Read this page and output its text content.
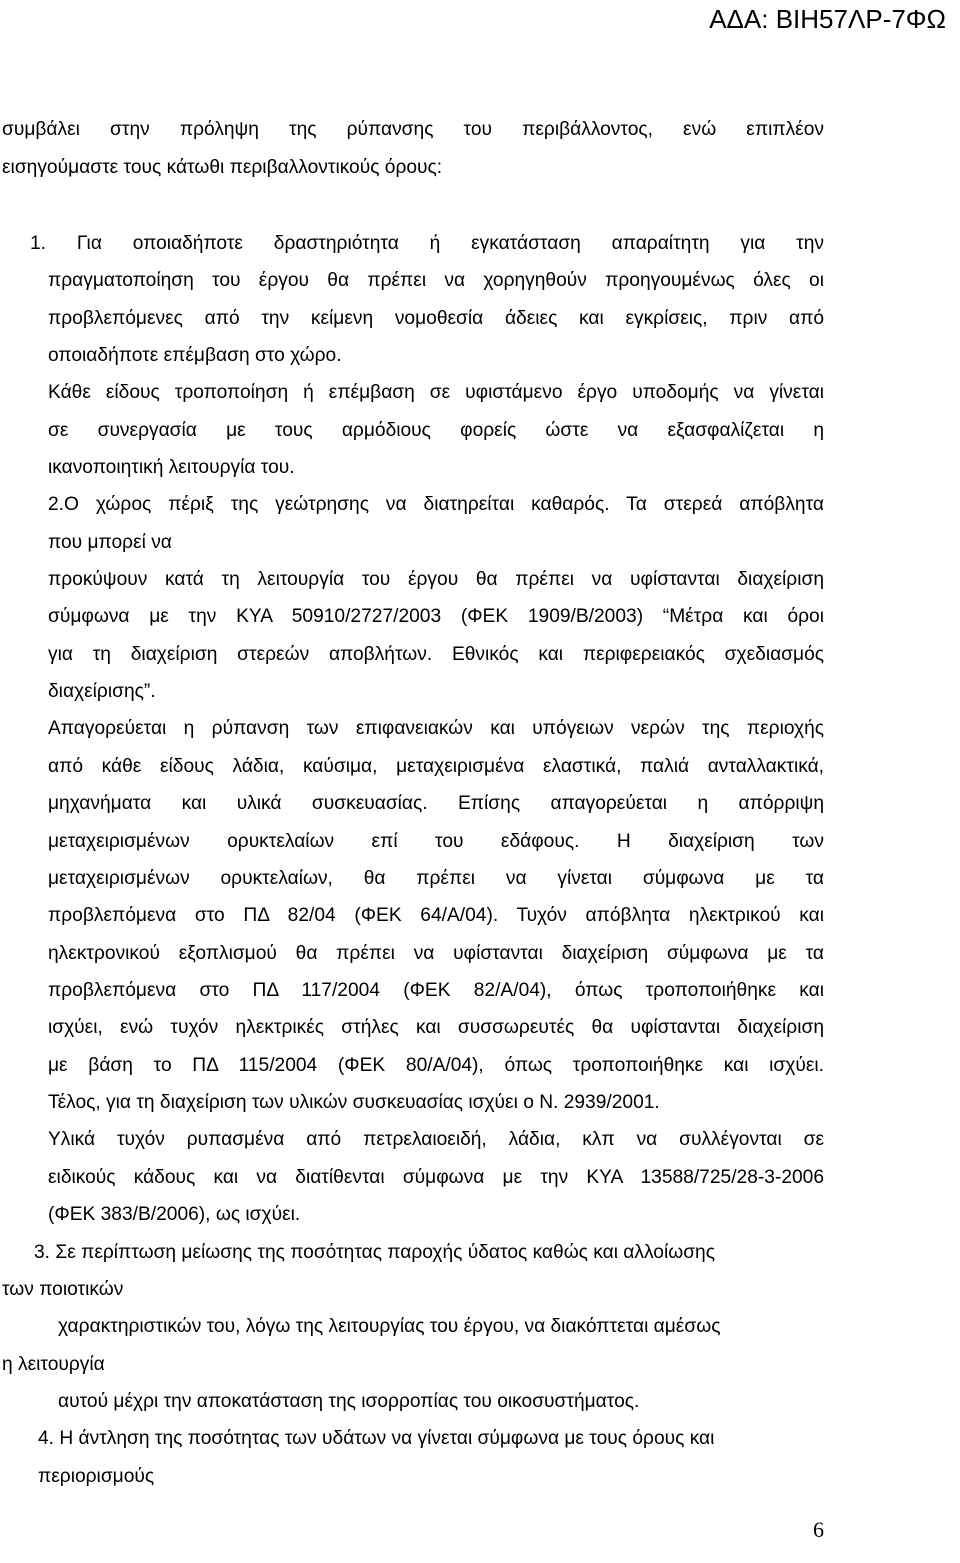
ΑΔΑ: ΒΙΗ57ΛΡ-7ΦΩ
συμβάλει στην πρόληψη της ρύπανσης του περιβάλλοντος, ενώ επιπλέον
εισηγούμαστε τους κάτωθι περιβαλλοντικούς όρους:
1. Για οποιαδήποτε δραστηριότητα ή εγκατάσταση απαραίτητη για την
πραγματοποίηση του έργου θα πρέπει να χορηγηθούν προηγουμένως όλες οι
προβλεπόμενες από την κείμενη νομοθεσία άδειες και εγκρίσεις, πριν από
οποιαδήποτε επέμβαση στο χώρο.
Κάθε είδους τροποποίηση ή επέμβαση σε υφιστάμενο έργο υποδομής να γίνεται
σε συνεργασία με τους αρμόδιους φορείς ώστε να εξασφαλίζεται η
ικανοποιητική λειτουργία του.
2.Ο χώρος πέριξ της γεώτρησης να διατηρείται καθαρός. Τα στερεά απόβλητα
που μπορεί να
προκύψουν κατά τη λειτουργία του έργου θα πρέπει να υφίστανται διαχείριση
σύμφωνα με την ΚΥΑ 50910/2727/2003 (ΦΕΚ 1909/Β/2003) “Μέτρα και όροι
για τη διαχείριση στερεών αποβλήτων. Εθνικός και περιφερειακός σχεδιασμός
διαχείρισης”.
Απαγορεύεται η ρύπανση των επιφανειακών και υπόγειων νερών της περιοχής
από κάθε είδους λάδια, καύσιμα, μεταχειρισμένα ελαστικά, παλιά ανταλλακτικά,
μηχανήματα και υλικά συσκευασίας. Επίσης απαγορεύεται η απόρριψη
μεταχειρισμένων ορυκτελαίων επί του εδάφους. Η διαχείριση των
μεταχειρισμένων ορυκτελαίων, θα πρέπει να γίνεται σύμφωνα με τα
προβλεπόμενα στο ΠΔ 82/04 (ΦΕΚ 64/Α/04). Τυχόν απόβλητα ηλεκτρικού και
ηλεκτρονικού εξοπλισμού θα πρέπει να υφίστανται διαχείριση σύμφωνα με τα
προβλεπόμενα στο ΠΔ 117/2004 (ΦΕΚ 82/Α/04), όπως τροποποιήθηκε και
ισχύει, ενώ τυχόν ηλεκτρικές στήλες και συσσωρευτές θα υφίστανται διαχείριση
με βάση το ΠΔ 115/2004 (ΦΕΚ 80/Α/04), όπως τροποποιήθηκε και ισχύει.
Τέλος, για τη διαχείριση των υλικών συσκευασίας ισχύει ο Ν. 2939/2001.
Υλικά τυχόν ρυπασμένα από πετρελαιοειδή, λάδια, κλπ να συλλέγονται σε
ειδικούς κάδους και να διατίθενται σύμφωνα με την ΚΥΑ 13588/725/28-3-2006
(ΦΕΚ 383/Β/2006), ως ισχύει.
3. Σε περίπτωση μείωσης της ποσότητας παροχής ύδατος καθώς και αλλοίωσης
των ποιοτικών
χαρακτηριστικών του, λόγω της λειτουργίας του έργου, να διακόπτεται αμέσως
η λειτουργία
αυτού μέχρι την αποκατάσταση της ισορροπίας του οικοσυστήματος.
4. Η άντληση της ποσότητας των υδάτων να γίνεται σύμφωνα με τους όρους και
περιορισμούς
6
